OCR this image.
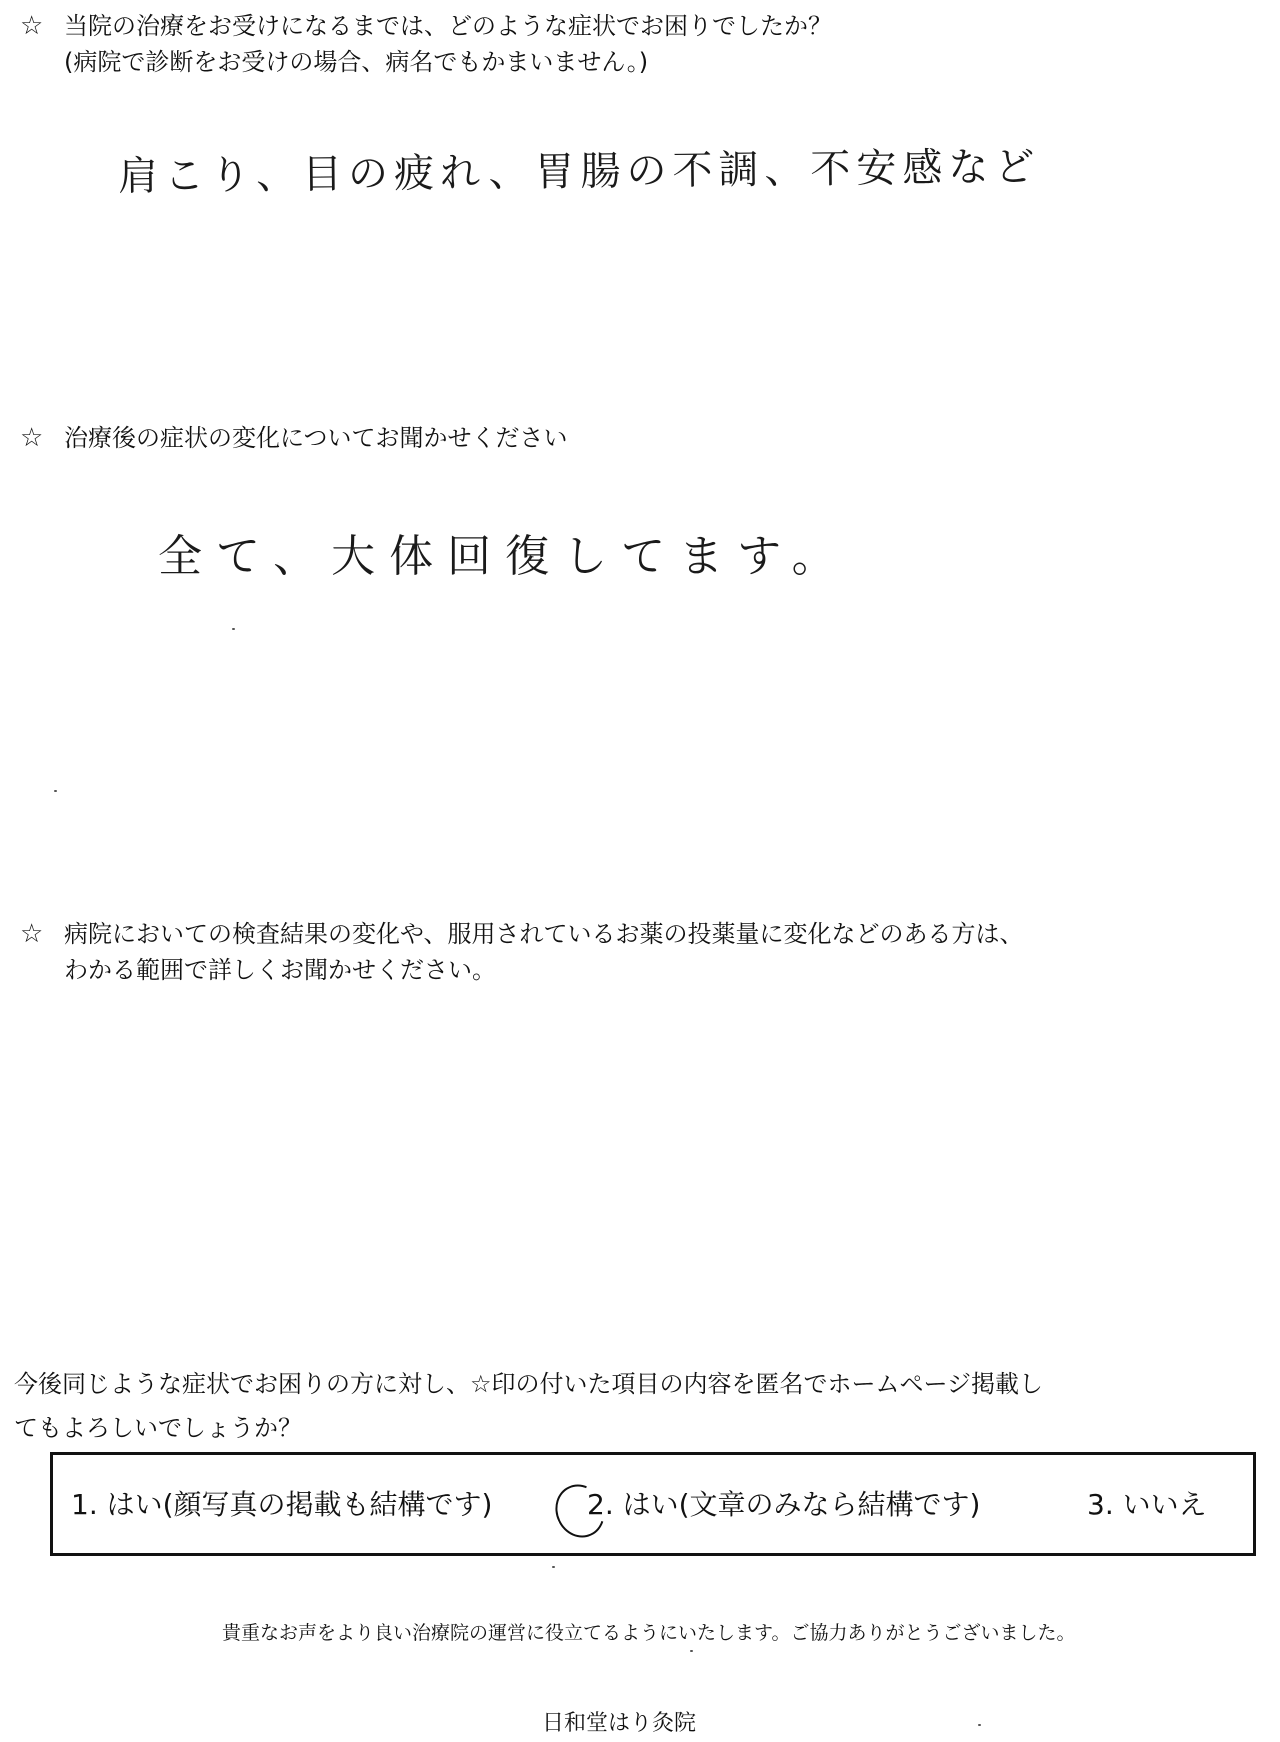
☆ 当院の治療をお受けになるまでは、どのような症状でお困りでしたか？
(病院で診断をお受けの場合、病名でもかまいません。)
肩こり、目の疲れ、胃腸の不調、不安感など
☆ 治療後の症状の変化についてお聞かせください
全て、大体回復してます。
☆ 病院においての検査結果の変化や、服用されているお薬の投薬量に変化などのある方は、
わかる範囲で詳しくお聞かせください。
今後同じような症状でお困りの方に対し、☆印の付いた項目の内容を匿名でホームページ掲載し
てもよろしいでしょうか？
1. はい(顔写真の掲載も結構です)	2. はい(文章のみなら結構です)	3. いいえ
貴重なお声をより良い治療院の運営に役立てるようにいたします。ご協力ありがとうございました。
日和堂はり灸院
